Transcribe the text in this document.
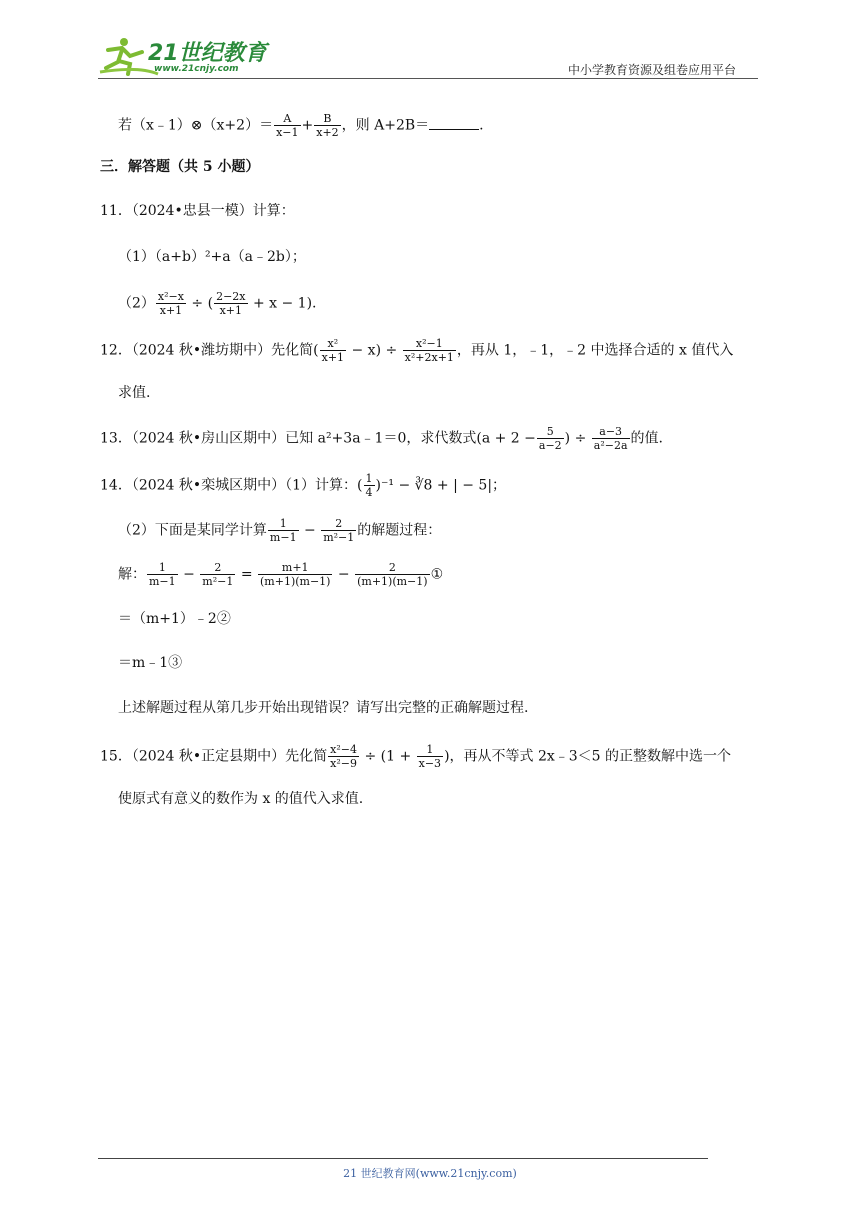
21世纪教育
www.21cnjy.com	中小学教育资源及组卷应用平台
若（x﹣1）⊗（x+2）＝ $\frac{A}{x-1} + \frac{B}{x+2}$ ，则 A+2B＝	.
三．解答题（共 5 小题）
11．（2024•忠县一模）计算：
（1）（a+b）²+a（a﹣2b）；
$(2) \frac{\text{x²−x}}{x+1}$ ÷ ( $\frac{2-2x}{x+1} + x - 1$).
12．（2024 秋•潍坊期中）先化简( $\frac{\text{x²}}{x+1} - x) \div \frac{\text{x²−1}}{\text{x²+2x+1}}$ ，再从 1，﹣1，﹣2 中选择合适的 x 值代入
求值.
13．（2024 秋•房山区期中）已知 a²+3a﹣1＝0，求代数式($a + 2 - \frac{5}{a-2}$ ) ÷ $\frac{a-3}{\text{a²−2a}}$ 的值.
14．（2024 秋•栾城区期中）（1）计算：( $\frac{1}{4} )^{-1}$ − ∛8 + | − 5|；
（2）下面是某同学计算 $\frac{1}{m-1} - \frac{2}{\text{m²−1}}$ 的解题过程：
解： $\frac{1}{m-1} - \frac{2}{\text{m²−1}} = \frac{m+1}{(m+1)(m-1)} - \frac{2}{(m+1)(m-1)}$ ①
＝（m+1）﹣2②
＝m﹣1③
上述解题过程从第几步开始出现错误？请写出完整的正确解题过程.
15．（2024 秋•正定县期中）先化简 $\frac{\text{x²−4}}{\text{x²−9}} \div (1 + \frac{1}{x-3}$ )，再从不等式 2x﹣3＜5 的正整数解中选一个
使原式有意义的数作为 x 的值代入求值.
21 世纪教育网(www.21cnjy.com)
